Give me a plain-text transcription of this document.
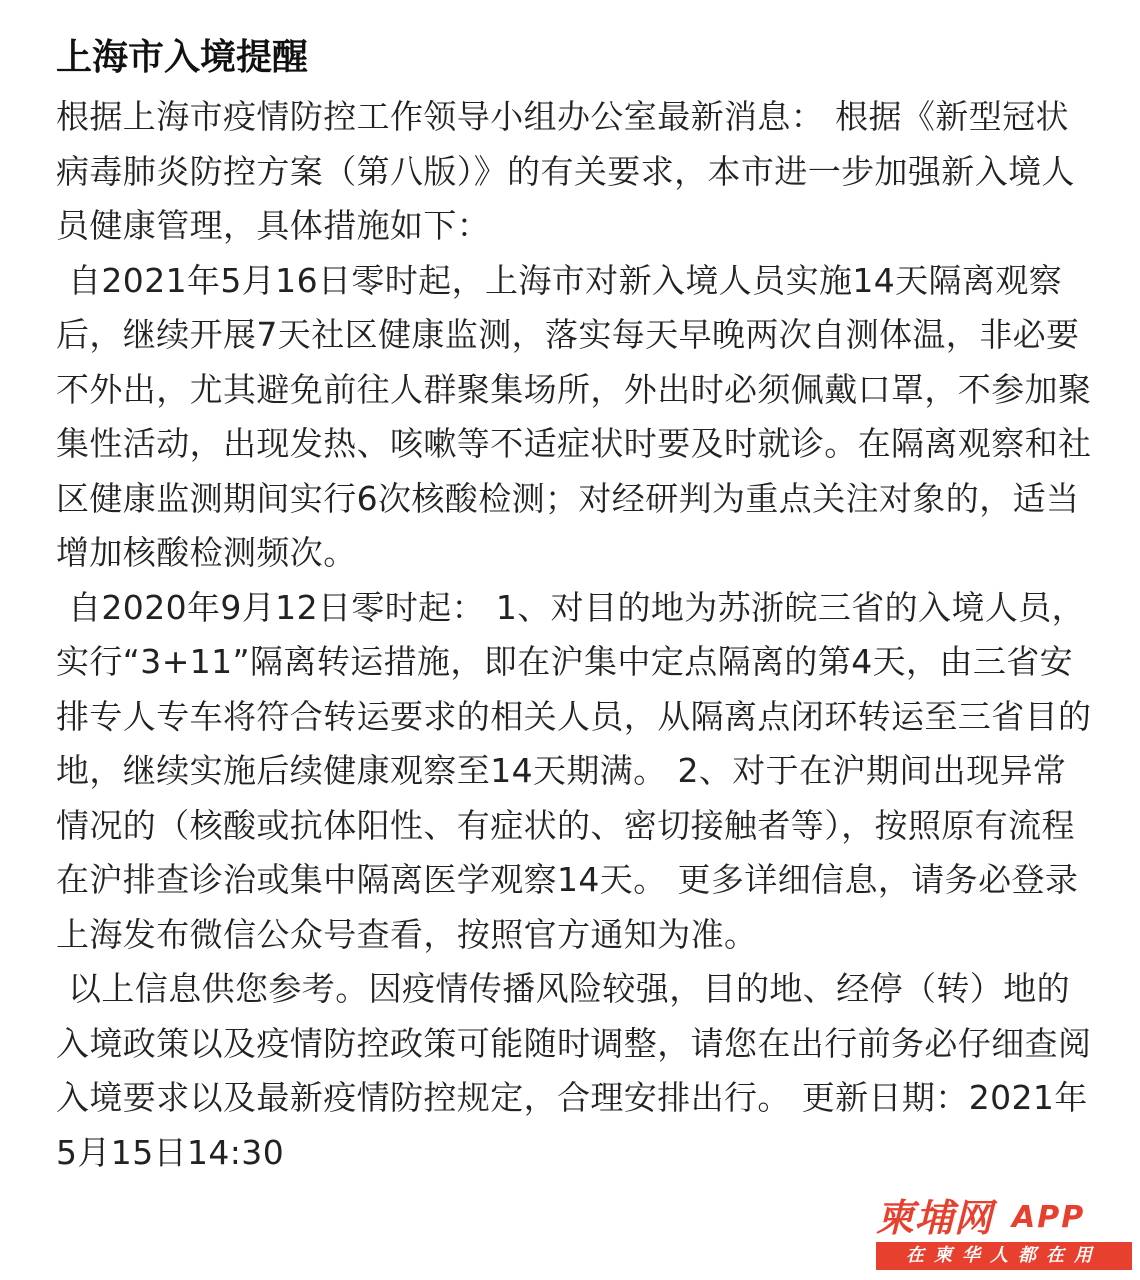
上海市入境提醒

根据上海市疫情防控工作领导小组办公室最新消息： 根据《新型冠状病毒肺炎防控方案（第八版）》的有关要求，本市进一步加强新入境人员健康管理，具体措施如下：

自2021年5月16日零时起，上海市对新入境人员实施14天隔离观察后，继续开展7天社区健康监测，落实每天早晚两次自测体温，非必要不外出，尤其避免前往人群聚集场所，外出时必须佩戴口罩，不参加聚集性活动，出现发热、咳嗽等不适症状时要及时就诊。在隔离观察和社区健康监测期间实行6次核酸检测；对经研判为重点关注对象的，适当增加核酸检测频次。

自2020年9月12日零时起： 1、对目的地为苏浙皖三省的入境人员，实行“3+11”隔离转运措施，即在沪集中定点隔离的第4天，由三省安排专人专车将符合转运要求的相关人员，从隔离点闭环转运至三省目的地，继续实施后续健康观察至14天期满。 2、对于在沪期间出现异常情况的（核酸或抗体阳性、有症状的、密切接触者等），按照原有流程在沪排查诊治或集中隔离医学观察14天。 更多详细信息，请务必登录上海发布微信公众号查看，按照官方通知为准。

以上信息供您参考。因疫情传播风险较强，目的地、经停（转）地的入境政策以及疫情防控政策可能随时调整，请您在出行前务必仔细查阅入境要求以及最新疫情防控规定，合理安排出行。 更新日期：2021年5月15日14:30

柬埔网 APP
在柬华人都在用
